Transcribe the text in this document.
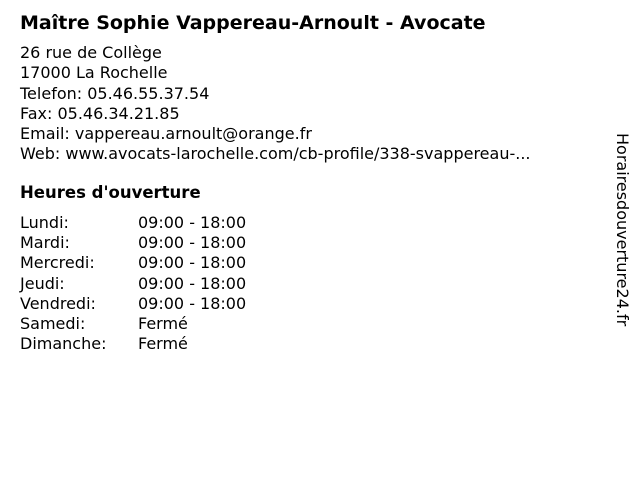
Maître Sophie Vappereau-Arnoult - Avocate
26 rue de Collège
17000 La Rochelle
Telefon: 05.46.55.37.54
Fax: 05.46.34.21.85
Email: vappereau.arnoult@orange.fr
Web: www.avocats-larochelle.com/cb-profile/338-svappereau-...
Heures d'ouverture
Lundi:	09:00 - 18:00
Mardi:	09:00 - 18:00
Mercredi:	09:00 - 18:00
Jeudi:	09:00 - 18:00
Vendredi:	09:00 - 18:00
Samedi:	Fermé
Dimanche: Fermé
Horairesdouverture24.fr
